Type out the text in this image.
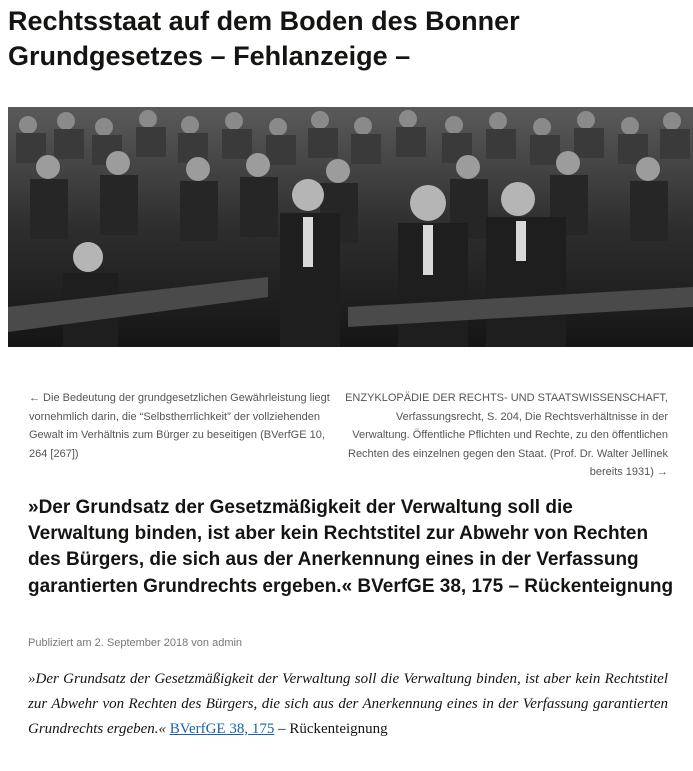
Rechtsstaat auf dem Boden des Bonner Grundgesetzes – Fehlanzeige –
← Die Bedeutung der grundgesetzlichen Gewährleistung liegt vornehmlich darin, die “Selbstherrlichkeit” der vollziehenden Gewalt im Verhältnis zum Bürger zu beseitigen (BVerfGE 10, 264 [267])
ENZYKLOPÄDIE DER RECHTS- UND STAATSWISSENSCHAFT, Verfassungsrecht, S. 204, Die Rechtsverhältnisse in der Verwaltung. Öffentliche Pflichten und Rechte, zu den öffentlichen Rechten des einzelnen gegen den Staat. (Prof. Dr. Walter Jellinek bereits 1931) →
»Der Grundsatz der Gesetzmäßigkeit der Verwaltung soll die Verwaltung binden, ist aber kein Rechtstitel zur Abwehr von Rechten des Bürgers, die sich aus der Anerkennung eines in der Verfassung garantierten Grundrechts ergeben.« BVerfGE 38, 175 – Rückenteignung
Publiziert am 2. September 2018 von admin

»Der Grundsatz der Gesetzmäßigkeit der Verwaltung soll die Verwaltung binden, ist aber kein Rechtstitel zur Abwehr von Rechten des Bürgers, die sich aus der Anerkennung eines in der Verfassung garantierten Grundrechts ergeben.« BVerfGE 38, 175 – Rückenteignung
